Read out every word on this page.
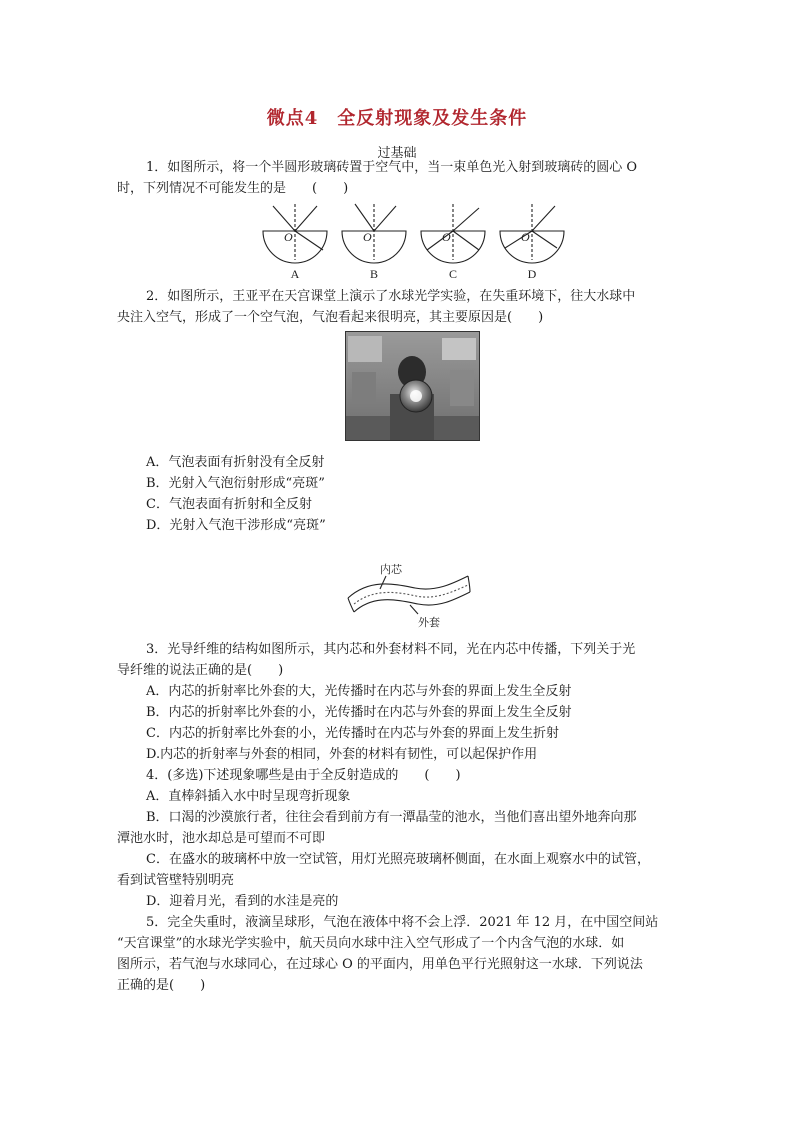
微点4　全反射现象及发生条件
过基础
1．如图所示，将一个半圆形玻璃砖置于空气中，当一束单色光入射到玻璃砖的圆心 O
时，下列情况不可能发生的是　　(　　)
O	O	O	O
A	B	C	D
2．如图所示，王亚平在天宫课堂上演示了水球光学实验，在失重环境下，往大水球中
央注入空气，形成了一个空气泡，气泡看起来很明亮，其主要原因是(　　)
A．气泡表面有折射没有全反射
B．光射入气泡衍射形成“亮斑”
C．气泡表面有折射和全反射
D．光射入气泡干涉形成“亮斑”
内芯
外套
3．光导纤维的结构如图所示，其内芯和外套材料不同，光在内芯中传播，下列关于光
导纤维的说法正确的是(　　)
A．内芯的折射率比外套的大，光传播时在内芯与外套的界面上发生全反射
B．内芯的折射率比外套的小，光传播时在内芯与外套的界面上发生全反射
C．内芯的折射率比外套的小，光传播时在内芯与外套的界面上发生折射
D.内芯的折射率与外套的相同，外套的材料有韧性，可以起保护作用
4．(多选)下述现象哪些是由于全反射造成的　　(　　)
A．直棒斜插入水中时呈现弯折现象
B．口渴的沙漠旅行者，往往会看到前方有一潭晶莹的池水，当他们喜出望外地奔向那
潭池水时，池水却总是可望而不可即
C．在盛水的玻璃杯中放一空试管，用灯光照亮玻璃杯侧面，在水面上观察水中的试管，
看到试管壁特别明亮
D．迎着月光，看到的水洼是亮的
5．完全失重时，液滴呈球形，气泡在液体中将不会上浮．2021 年 12 月，在中国空间站
“天宫课堂”的水球光学实验中，航天员向水球中注入空气形成了一个内含气泡的水球．如
图所示，若气泡与水球同心，在过球心 O 的平面内，用单色平行光照射这一水球．下列说法
正确的是(　　)
